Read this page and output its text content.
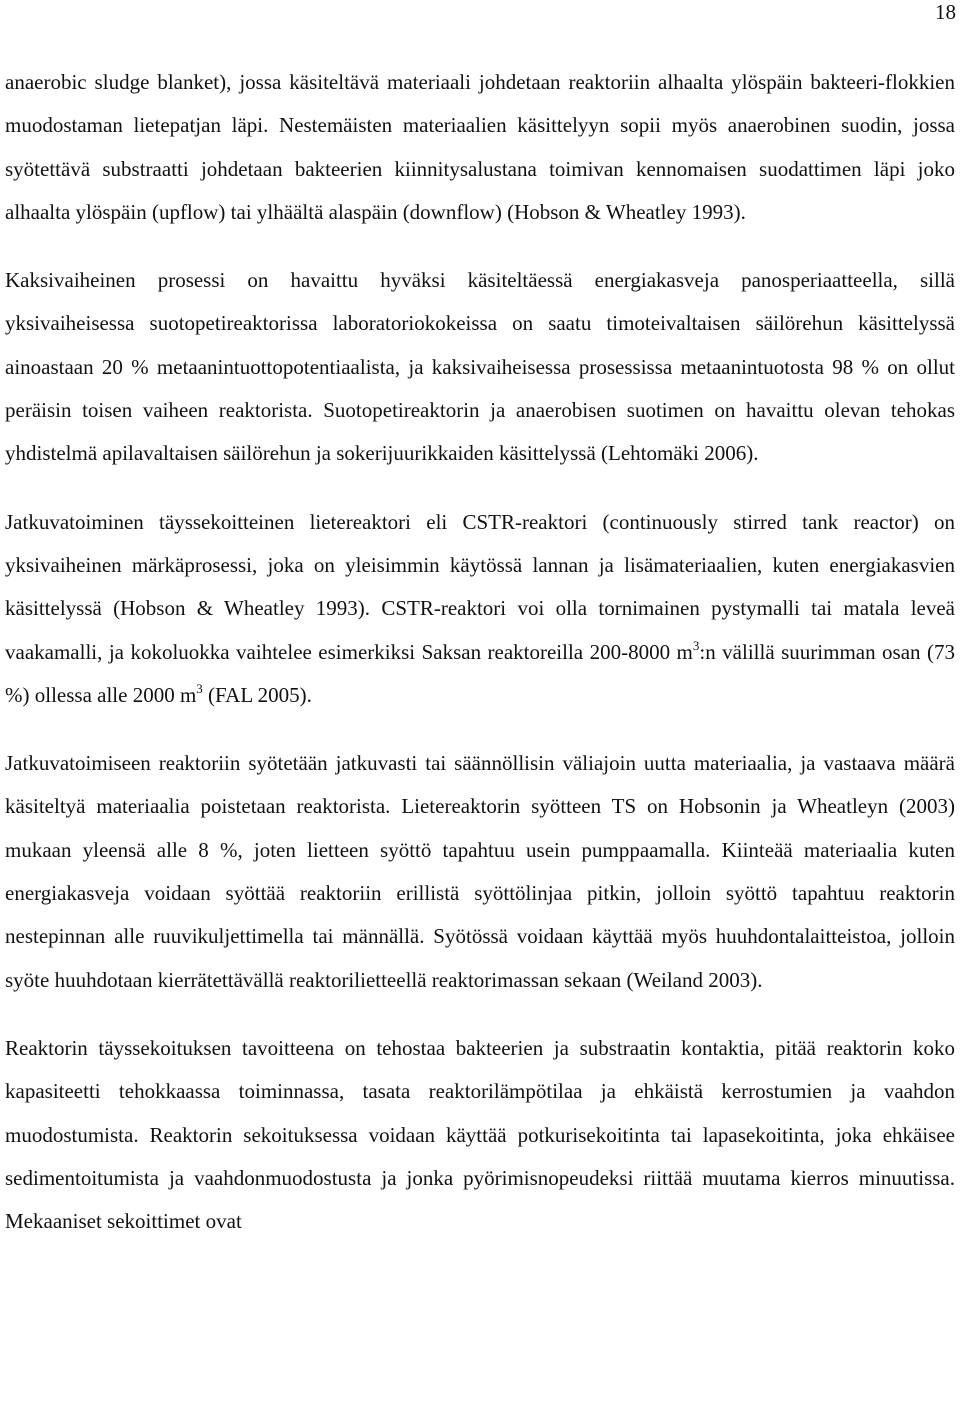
18

anaerobic sludge blanket), jossa käsiteltävä materiaali johdetaan reaktoriin alhaalta ylöspäin bakteeri-flokkien muodostaman lietepatjan läpi. Nestemäisten materiaalien käsittelyyn sopii myös anaerobinen suodin, jossa syötettävä substraatti johdetaan bakteerien kiinnitysalustana toimivan kennomaisen suodattimen läpi joko alhaalta ylöspäin (upflow) tai ylhäältä alaspäin (downflow) (Hobson & Wheatley 1993).

Kaksivaiheinen prosessi on havaittu hyväksi käsiteltäessä energiakasveja panosperiaatteella, sillä yksivaiheisessa suotopetireaktorissa laboratoriokokeissa on saatu timoteivaltaisen säilörehun käsittelyssä ainoastaan 20 % metaanintuottopotentiaalista, ja kaksivaiheisessa prosessissa metaanintuotosta 98 % on ollut peräisin toisen vaiheen reaktorista. Suotopetireaktorin ja anaerobisen suotimen on havaittu olevan tehokas yhdistelmä apilavaltaisen säilörehun ja sokerijuurikkaiden käsittelyssä (Lehtomäki 2006).

Jatkuvatoiminen täyssekoitteinen lietereaktori eli CSTR-reaktori (continuously stirred tank reactor) on yksivaiheinen märkäprosessi, joka on yleisimmin käytössä lannan ja lisämateriaalien, kuten energiakasvien käsittelyssä (Hobson & Wheatley 1993). CSTR-reaktori voi olla tornimainen pystymalli tai matala leveä vaakamalli, ja kokoluokka vaihtelee esimerkiksi Saksan reaktoreilla 200-8000 $m^3:n$ välillä suurimman osan (73 %) ollessa alle 2000 $m^3$ (FAL 2005).

Jatkuvatoimiseen reaktoriin syötetään jatkuvasti tai säännöllisin väliajoin uutta materiaalia, ja vastaava määrä käsiteltyä materiaalia poistetaan reaktorista. Lietereaktorin syötteen TS on Hobsonin ja Wheatleyn (2003) mukaan yleensä alle 8 %, joten lietteen syöttö tapahtuu usein pumppaamalla. Kiinteää materiaalia kuten energiakasveja voidaan syöttää reaktoriin erillistä syöttölinjaa pitkin, jolloin syöttö tapahtuu reaktorin nestepinnan alle ruuvikuljettimella tai männällä. Syötössä voidaan käyttää myös huuhdontalaitteistoa, jolloin syöte huuhdotaan kierrätettävällä reaktorilietteellä reaktorimassan sekaan (Weiland 2003).

Reaktorin täyssekoituksen tavoitteena on tehostaa bakteerien ja substraatin kontaktia, pitää reaktorin koko kapasiteetti tehokkaassa toiminnassa, tasata reaktorilämpötilaa ja ehkäistä kerrostumien ja vaahdon muodostumista. Reaktorin sekoituksessa voidaan käyttää potkurisekoitinta tai lapasekoitinta, joka ehkäisee sedimentoitumista ja vaahdonmuodostusta ja jonka pyörimisnopeudeksi riittää muutama kierros minuutissa. Mekaaniset sekoittimet ovat
